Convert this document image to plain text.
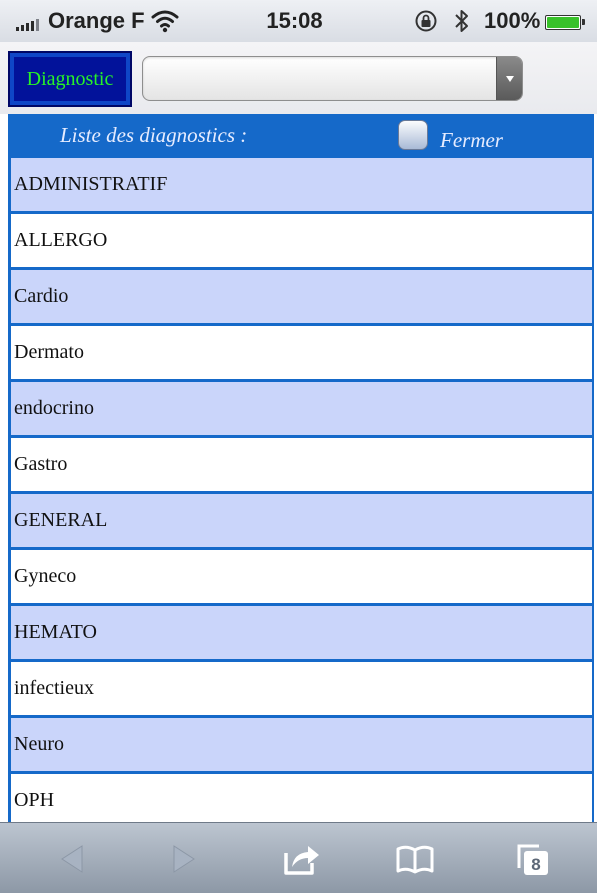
Orange F	15:08	100%
Diagnostic
Liste des diagnostics :	Fermer
ADMINISTRATIF
ALLERGO
Cardio
Dermato
endocrino
Gastro
GENERAL
Gyneco
HEMATO
infectieux
Neuro
OPH
8
